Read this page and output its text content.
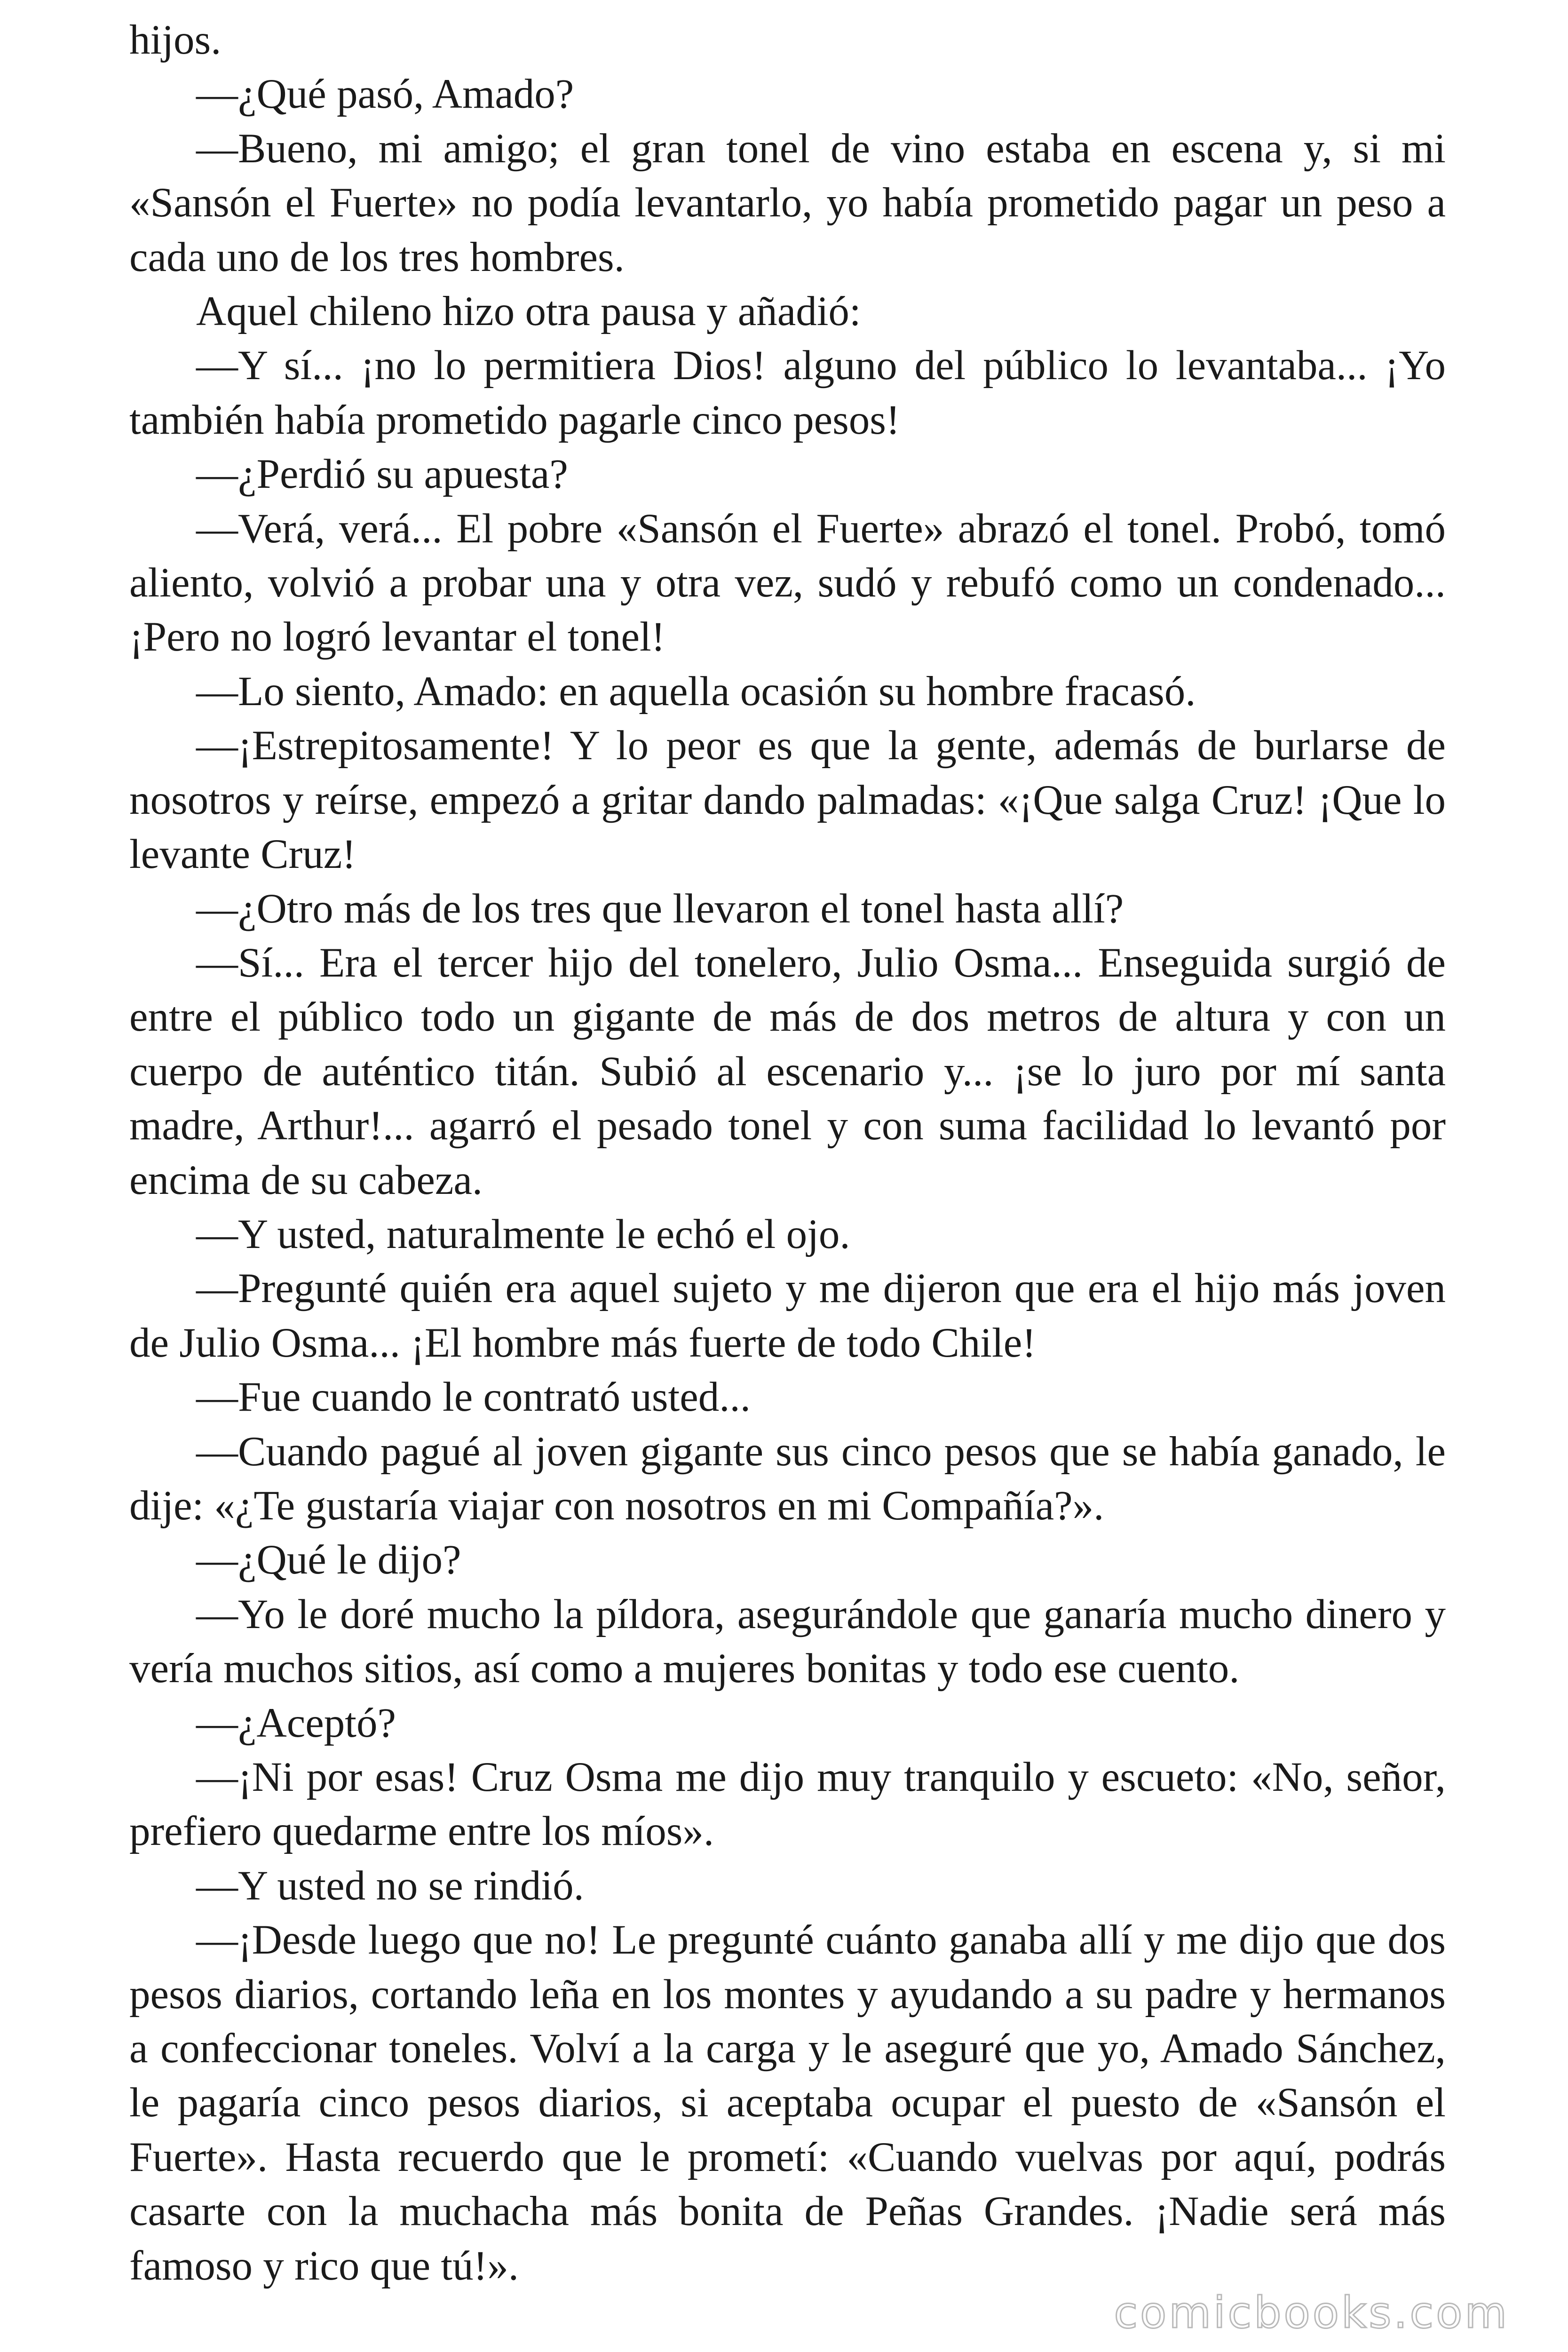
hijos.

—¿Qué pasó, Amado?

—Bueno, mi amigo; el gran tonel de vino estaba en escena y, si mi «Sansón el Fuerte» no podía levantarlo, yo había prometido pagar un peso a cada uno de los tres hombres.

Aquel chileno hizo otra pausa y añadió:

—Y sí... ¡no lo permitiera Dios! alguno del público lo levantaba... ¡Yo también había prometido pagarle cinco pesos!

—¿Perdió su apuesta?

—Verá, verá... El pobre «Sansón el Fuerte» abrazó el tonel. Probó, tomó aliento, volvió a probar una y otra vez, sudó y rebufó como un condenado... ¡Pero no logró levantar el tonel!

—Lo siento, Amado: en aquella ocasión su hombre fracasó.

—¡Estrepitosamente! Y lo peor es que la gente, además de burlarse de nosotros y reírse, empezó a gritar dando palmadas: «¡Que salga Cruz! ¡Que lo levante Cruz!

—¿Otro más de los tres que llevaron el tonel hasta allí?

—Sí... Era el tercer hijo del tonelero, Julio Osma... Enseguida surgió de entre el público todo un gigante de más de dos metros de altura y con un cuerpo de auténtico titán. Subió al escenario y... ¡se lo juro por mí santa madre, Arthur!... agarró el pesado tonel y con suma facilidad lo levantó por encima de su cabeza.

—Y usted, naturalmente le echó el ojo.

—Pregunté quién era aquel sujeto y me dijeron que era el hijo más joven de Julio Osma... ¡El hombre más fuerte de todo Chile!

—Fue cuando le contrató usted...

—Cuando pagué al joven gigante sus cinco pesos que se había ganado, le dije: «¿Te gustaría viajar con nosotros en mi Compañía?».

—¿Qué le dijo?

—Yo le doré mucho la píldora, asegurándole que ganaría mucho dinero y vería muchos sitios, así como a mujeres bonitas y todo ese cuento.

—¿Aceptó?

—¡Ni por esas! Cruz Osma me dijo muy tranquilo y escueto: «No, señor, prefiero quedarme entre los míos».

—Y usted no se rindió.

—¡Desde luego que no! Le pregunté cuánto ganaba allí y me dijo que dos pesos diarios, cortando leña en los montes y ayudando a su padre y hermanos a confeccionar toneles. Volví a la carga y le aseguré que yo, Amado Sánchez, le pagaría cinco pesos diarios, si aceptaba ocupar el puesto de «Sansón el Fuerte». Hasta recuerdo que le prometí: «Cuando vuelvas por aquí, podrás casarte con la muchacha más bonita de Peñas Grandes. ¡Nadie será más famoso y rico que tú!».

comicbooks.com
